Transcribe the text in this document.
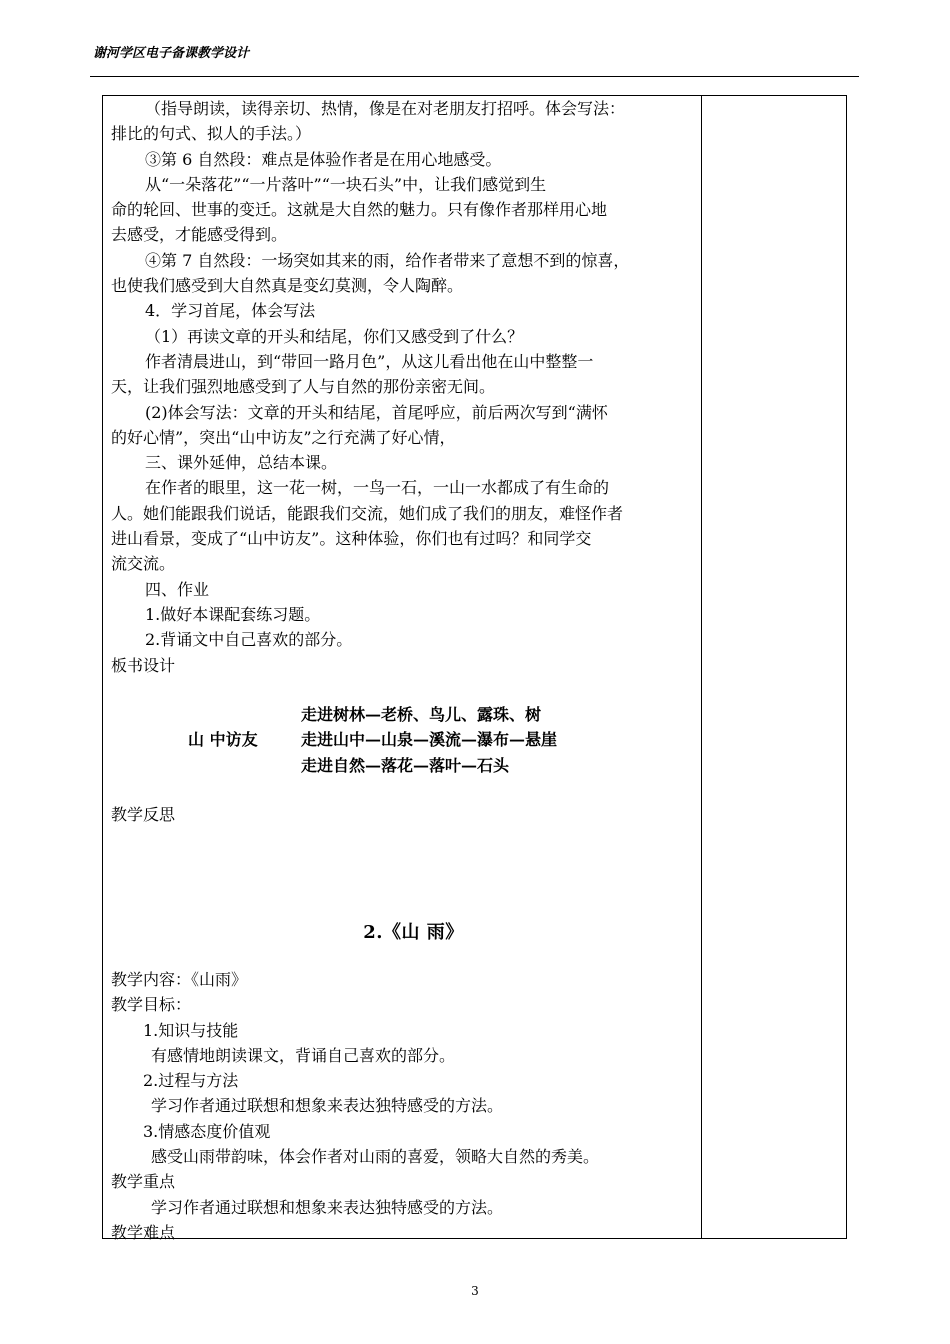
谢河学区电子备课教学设计

（指导朗读，读得亲切、热情，像是在对老朋友打招呼。体会写法：

排比的句式、拟人的手法。）

③第 6 自然段：难点是体验作者是在用心地感受。

从“一朵落花”“一片落叶”“一块石头”中，让我们感觉到生

命的轮回、世事的变迁。这就是大自然的魅力。只有像作者那样用心地

去感受，才能感受得到。

④第 7 自然段：一场突如其来的雨，给作者带来了意想不到的惊喜，

也使我们感受到大自然真是变幻莫测，令人陶醉。

4．学习首尾，体会写法

（1）再读文章的开头和结尾，你们又感受到了什么？

作者清晨进山，到“带回一路月色”，从这儿看出他在山中整整一

天，让我们强烈地感受到了人与自然的那份亲密无间。

(2)体会写法：文章的开头和结尾，首尾呼应，前后两次写到“满怀

的好心情”，突出“山中访友”之行充满了好心情，

三、课外延伸，总结本课。

在作者的眼里，这一花一树，一鸟一石，一山一水都成了有生命的

人。她们能跟我们说话，能跟我们交流，她们成了我们的朋友，难怪作者

进山看景，变成了“山中访友”。这种体验，你们也有过吗？和同学交

流交流。

四、作业

1.做好本课配套练习题。

2.背诵文中自己喜欢的部分。

板书设计

走进树林—老桥、鸟儿、露珠、树
山 中访友	走进山中—山泉—溪流—瀑布—悬崖
走进自然—落花—落叶—石头

教学反思

2.《山 雨》

教学内容：《山雨》

教学目标：

1.知识与技能

有感情地朗读课文，背诵自己喜欢的部分。

2.过程与方法

学习作者通过联想和想象来表达独特感受的方法。

3.情感态度价值观

感受山雨带韵味，体会作者对山雨的喜爱，领略大自然的秀美。

教学重点

学习作者通过联想和想象来表达独特感受的方法。

教学难点

3
